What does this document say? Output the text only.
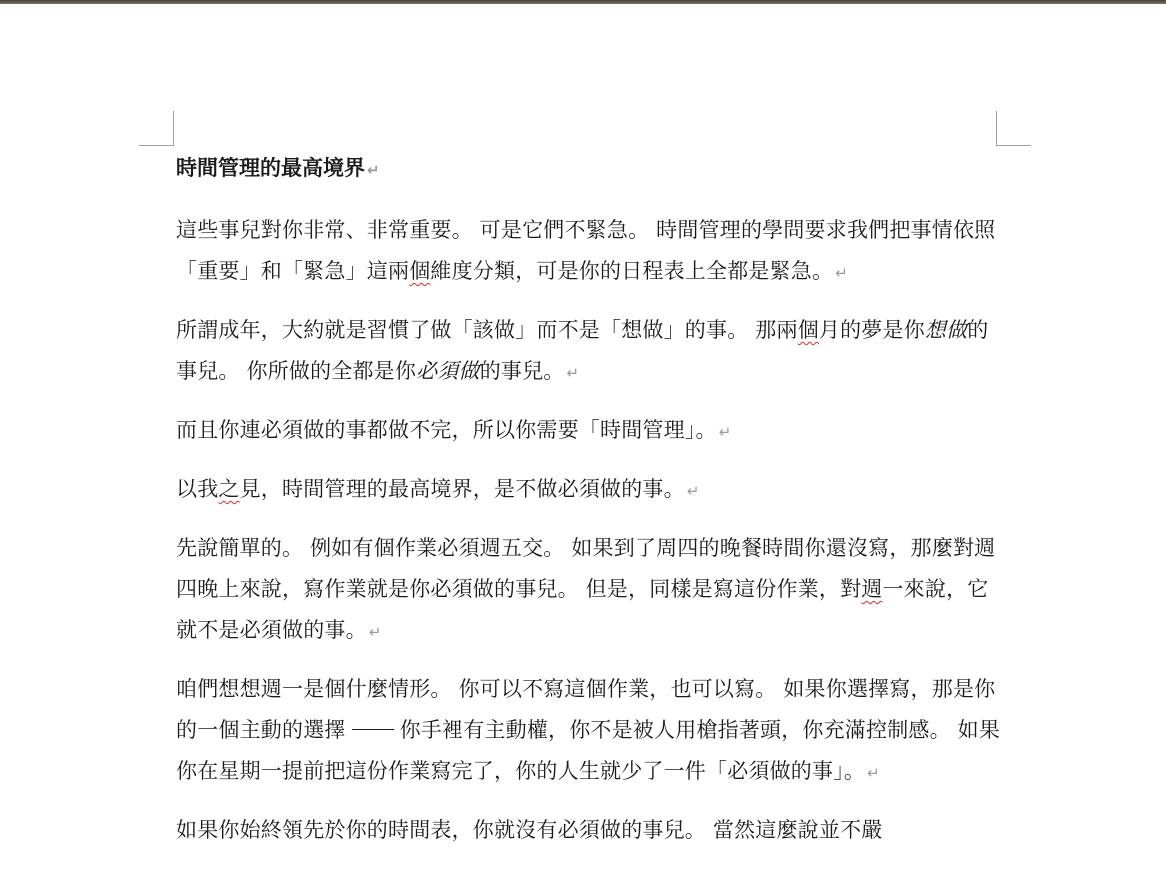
時間管理的最高境界 ↵
這些事兒對你非常、非常重要。 可是它們不緊急。 時間管理的學問要求我們把事情依照「重要」和「緊急」這兩個維度分類，可是你的日程表上全都是緊急。 ↵
所謂成年，大約就是習慣了做「該做」而不是「想做」的事。 那兩個月的夢是你想做的事兒。 你所做的全都是你必須做的事兒。 ↵
而且你連必須做的事都做不完，所以你需要「時間管理」。 ↵
以我之見，時間管理的最高境界，是不做必須做的事。 ↵
先說簡單的。 例如有個作業必須週五交。 如果到了周四的晚餐時間你還沒寫，那麼對週四晚上來說，寫作業就是你必須做的事兒。 但是，同樣是寫這份作業，對週一來說，它就不是必須做的事。 ↵
咱們想想週一是個什麼情形。 你可以不寫這個作業，也可以寫。 如果你選擇寫，那是你的一個主動的選擇	你手裡有主動權，你不是被人用槍指著頭，你充滿控制感。 如果你在星期一提前把這份作業寫完了，你的人生就少了一件「必須做的事」。 ↵
如果你始終領先於你的時間表，你就沒有必須做的事兒。 當然這麼說並不嚴
